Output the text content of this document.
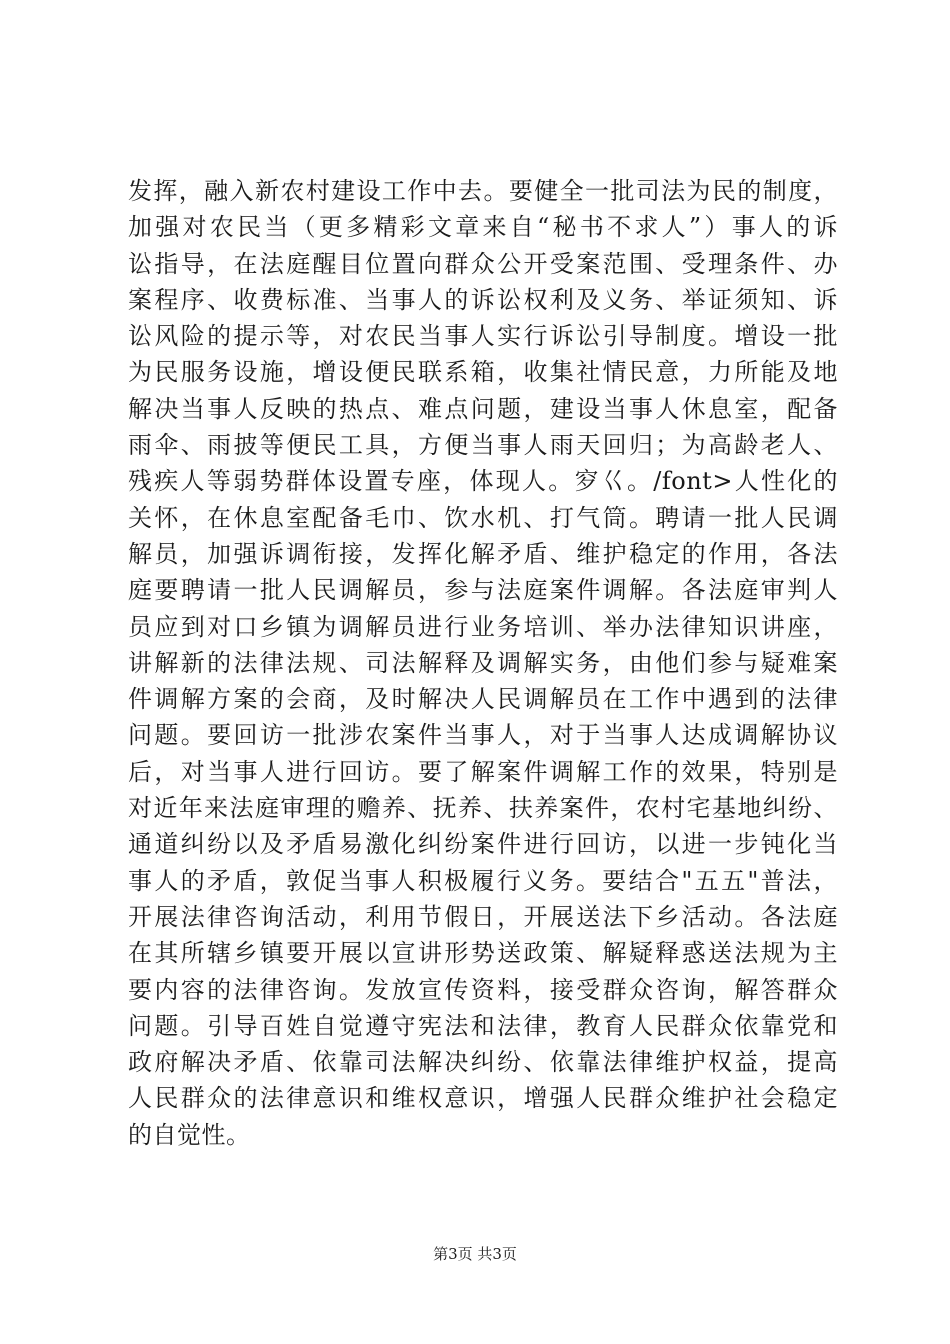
发挥，融入新农村建设工作中去。要健全一批司法为民的制度，
加强对农民当（更多精彩文章来自“秘书不求人”）事人的诉
讼指导，在法庭醒目位置向群众公开受案范围、受理条件、办
案程序、收费标准、当事人的诉讼权利及义务、举证须知、诉
讼风险的提示等，对农民当事人实行诉讼引导制度。增设一批
为民服务设施，增设便民联系箱，收集社情民意，力所能及地
解决当事人反映的热点、难点问题，建设当事人休息室，配备
雨伞、雨披等便民工具，方便当事人雨天回归；为高龄老人、
残疾人等弱势群体设置专座，体现人。穸巜。/font>人性化的
关怀，在休息室配备毛巾、饮水机、打气筒。聘请一批人民调
解员，加强诉调衔接，发挥化解矛盾、维护稳定的作用，各法
庭要聘请一批人民调解员，参与法庭案件调解。各法庭审判人
员应到对口乡镇为调解员进行业务培训、举办法律知识讲座，
讲解新的法律法规、司法解释及调解实务，由他们参与疑难案
件调解方案的会商，及时解决人民调解员在工作中遇到的法律
问题。要回访一批涉农案件当事人，对于当事人达成调解协议
后，对当事人进行回访。要了解案件调解工作的效果，特别是
对近年来法庭审理的赡养、抚养、扶养案件，农村宅基地纠纷、
通道纠纷以及矛盾易激化纠纷案件进行回访，以进一步钝化当
事人的矛盾，敦促当事人积极履行义务。要结合"五五"普法，
开展法律咨询活动，利用节假日，开展送法下乡活动。各法庭
在其所辖乡镇要开展以宣讲形势送政策、解疑释惑送法规为主
要内容的法律咨询。发放宣传资料，接受群众咨询，解答群众
问题。引导百姓自觉遵守宪法和法律，教育人民群众依靠党和
政府解决矛盾、依靠司法解决纠纷、依靠法律维护权益，提高
人民群众的法律意识和维权意识，增强人民群众维护社会稳定
的自觉性。
第3页 共3页
